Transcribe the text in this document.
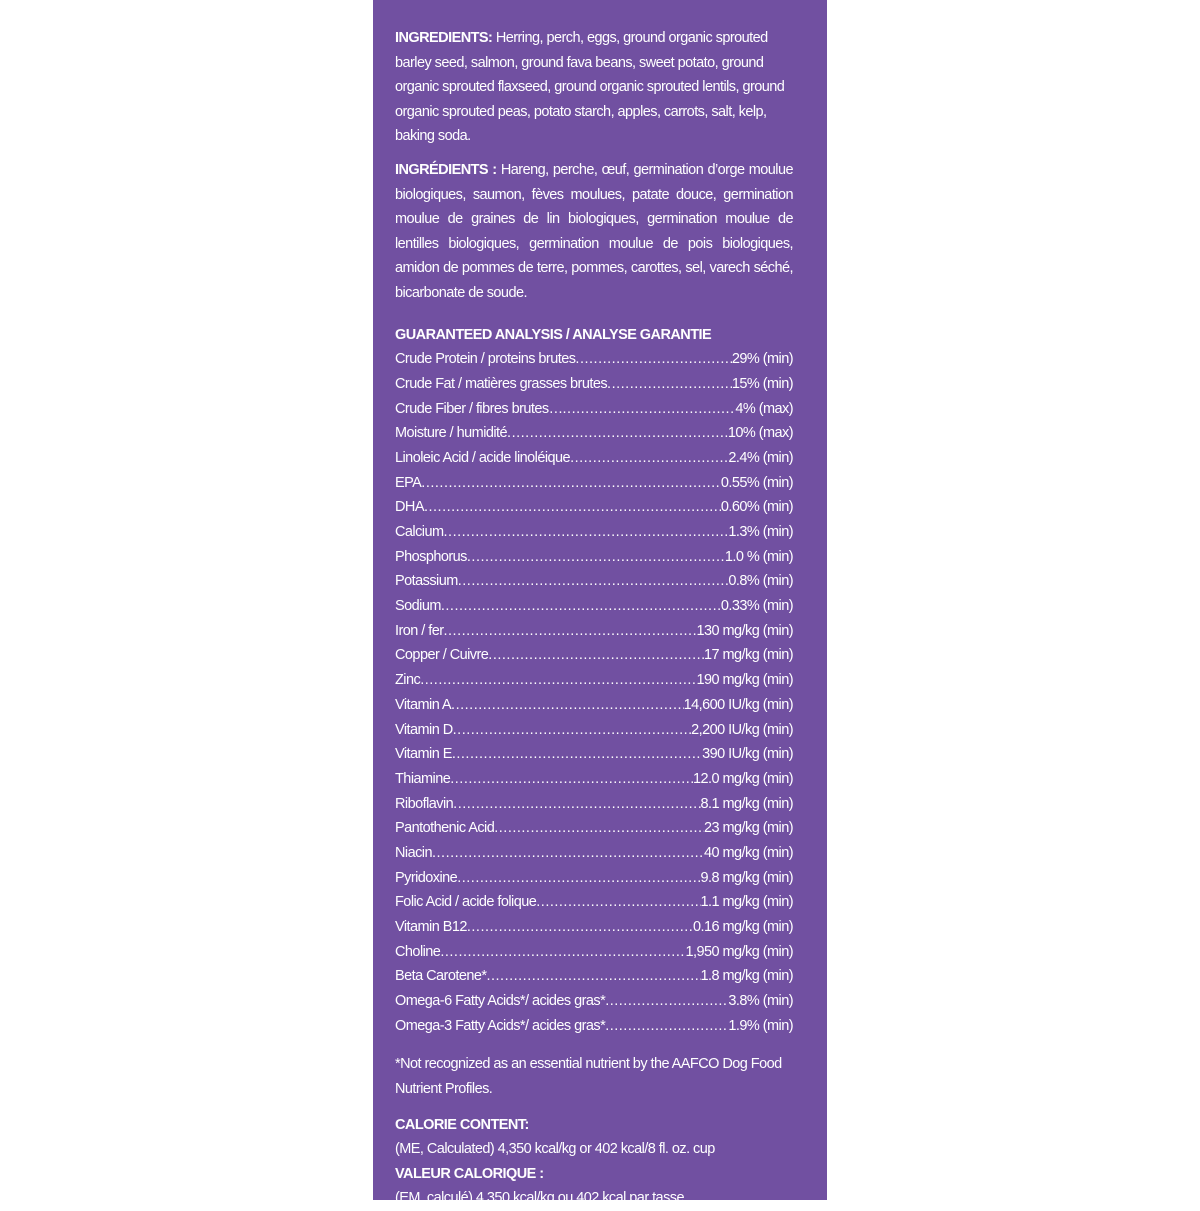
INGREDIENTS: Herring, perch, eggs, ground organic sprouted barley seed, salmon, ground fava beans, sweet potato, ground organic sprouted flaxseed, ground organic sprouted lentils, ground organic sprouted peas, potato starch, apples, carrots, salt, kelp, baking soda.

INGRÉDIENTS : Hareng, perche, œuf, germination d’orge moulue biologiques, saumon, fèves moulues, patate douce, germination moulue de graines de lin biologiques, germination moulue de lentilles biologiques, germination moulue de pois biologiques, amidon de pommes de terre, pommes, carottes, sel, varech séché, bicarbonate de soude.

GUARANTEED ANALYSIS / ANALYSE GARANTIE
Crude Protein / proteins brutes .....	29% (min)
Crude Fat / matières grasses brutes .....	15% (min)
Crude Fiber / fibres brutes… .....	4% (max)
Moisture / humidité .....	10% (max)
Linoleic Acid / acide linoléique .....	2.4% (min)
EPA .....	0.55% (min)
DHA .....	0.60% (min)
Calcium .....	1.3% (min)
Phosphorus .....	1.0 % (min)
Potassium .....	0.8% (min)
Sodium .....	0.33% (min)
Iron / fer .....	130 mg/kg (min)
Copper / Cuivre .....	17 mg/kg (min)
Zinc .....	190 mg/kg (min)
Vitamin A .....	14,600 IU/kg (min)
Vitamin D .....	2,200 IU/kg (min)
Vitamin E .....	390 IU/kg (min)
Thiamine .....	12.0 mg/kg (min)
Riboflavin .....	8.1 mg/kg (min)
Pantothenic Acid .....	23 mg/kg (min)
Niacin .....	40 mg/kg (min)
Pyridoxine .....	9.8 mg/kg (min)
Folic Acid / acide folique .....	1.1 mg/kg (min)
Vitamin B12 .....	0.16 mg/kg (min)
Choline .....	1,950 mg/kg (min)
Beta Carotene* .....	1.8 mg/kg (min)
Omega-6 Fatty Acids*/ acides gras* .....	3.8% (min)
Omega-3 Fatty Acids*/ acides gras* .....	1.9% (min)
*Not recognized as an essential nutrient by the AAFCO Dog Food Nutrient Profiles.
CALORIE CONTENT:
(ME, Calculated) 4,350 kcal/kg or 402 kcal/8 fl. oz. cup
VALEUR CALORIQUE :
(EM, calculé) 4 350 kcal/kg ou 402 kcal par tasse
